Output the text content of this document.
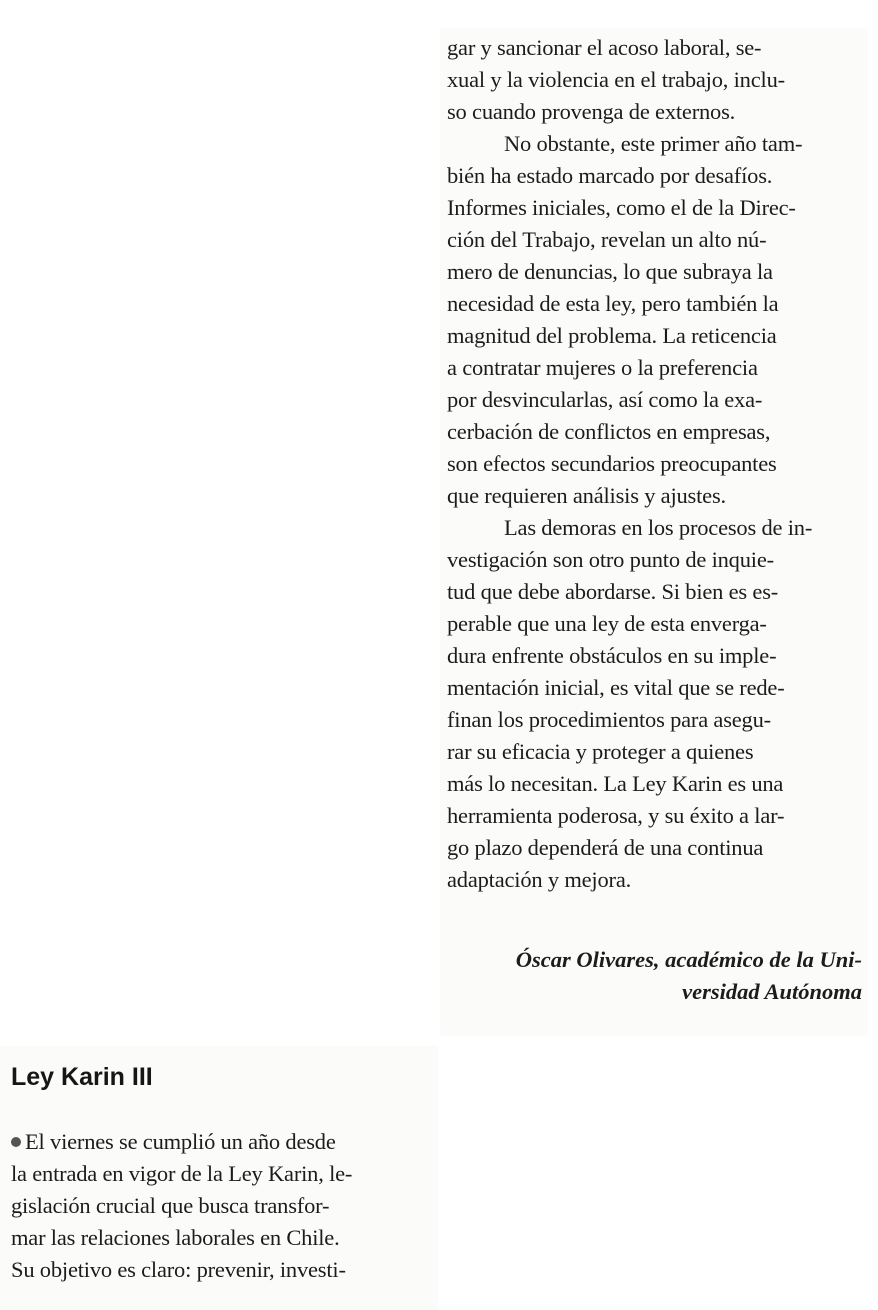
gar y sancionar el acoso laboral, se-
xual y la violencia en el trabajo, inclu-
so cuando provenga de externos.
No obstante, este primer año tam-
bién ha estado marcado por desafíos.
Informes iniciales, como el de la Direc-
ción del Trabajo, revelan un alto nú-
mero de denuncias, lo que subraya la
necesidad de esta ley, pero también la
magnitud del problema. La reticencia
a contratar mujeres o la preferencia
por desvincularlas, así como la exa-
cerbación de conflictos en empresas,
son efectos secundarios preocupantes
que requieren análisis y ajustes.
Las demoras en los procesos de in-
vestigación son otro punto de inquie-
tud que debe abordarse. Si bien es es-
perable que una ley de esta envergа-
dura enfrente obstáculos en su imple-
mentación inicial, es vital que se rede-
finan los procedimientos para asegu-
rar su eficacia y proteger a quienes
más lo necesitan. La Ley Karin es una
herramienta poderosa, y su éxito a lar-
go plazo dependerá de una continua
adaptación y mejora.
Óscar Olivares, académico de la Uni-
versidad Autónoma
Ley Karin III
El viernes se cumplió un año desde
la entrada en vigor de la Ley Karin, le-
gislación crucial que busca transfor-
mar las relaciones laborales en Chile.
Su objetivo es claro: prevenir, investi-
